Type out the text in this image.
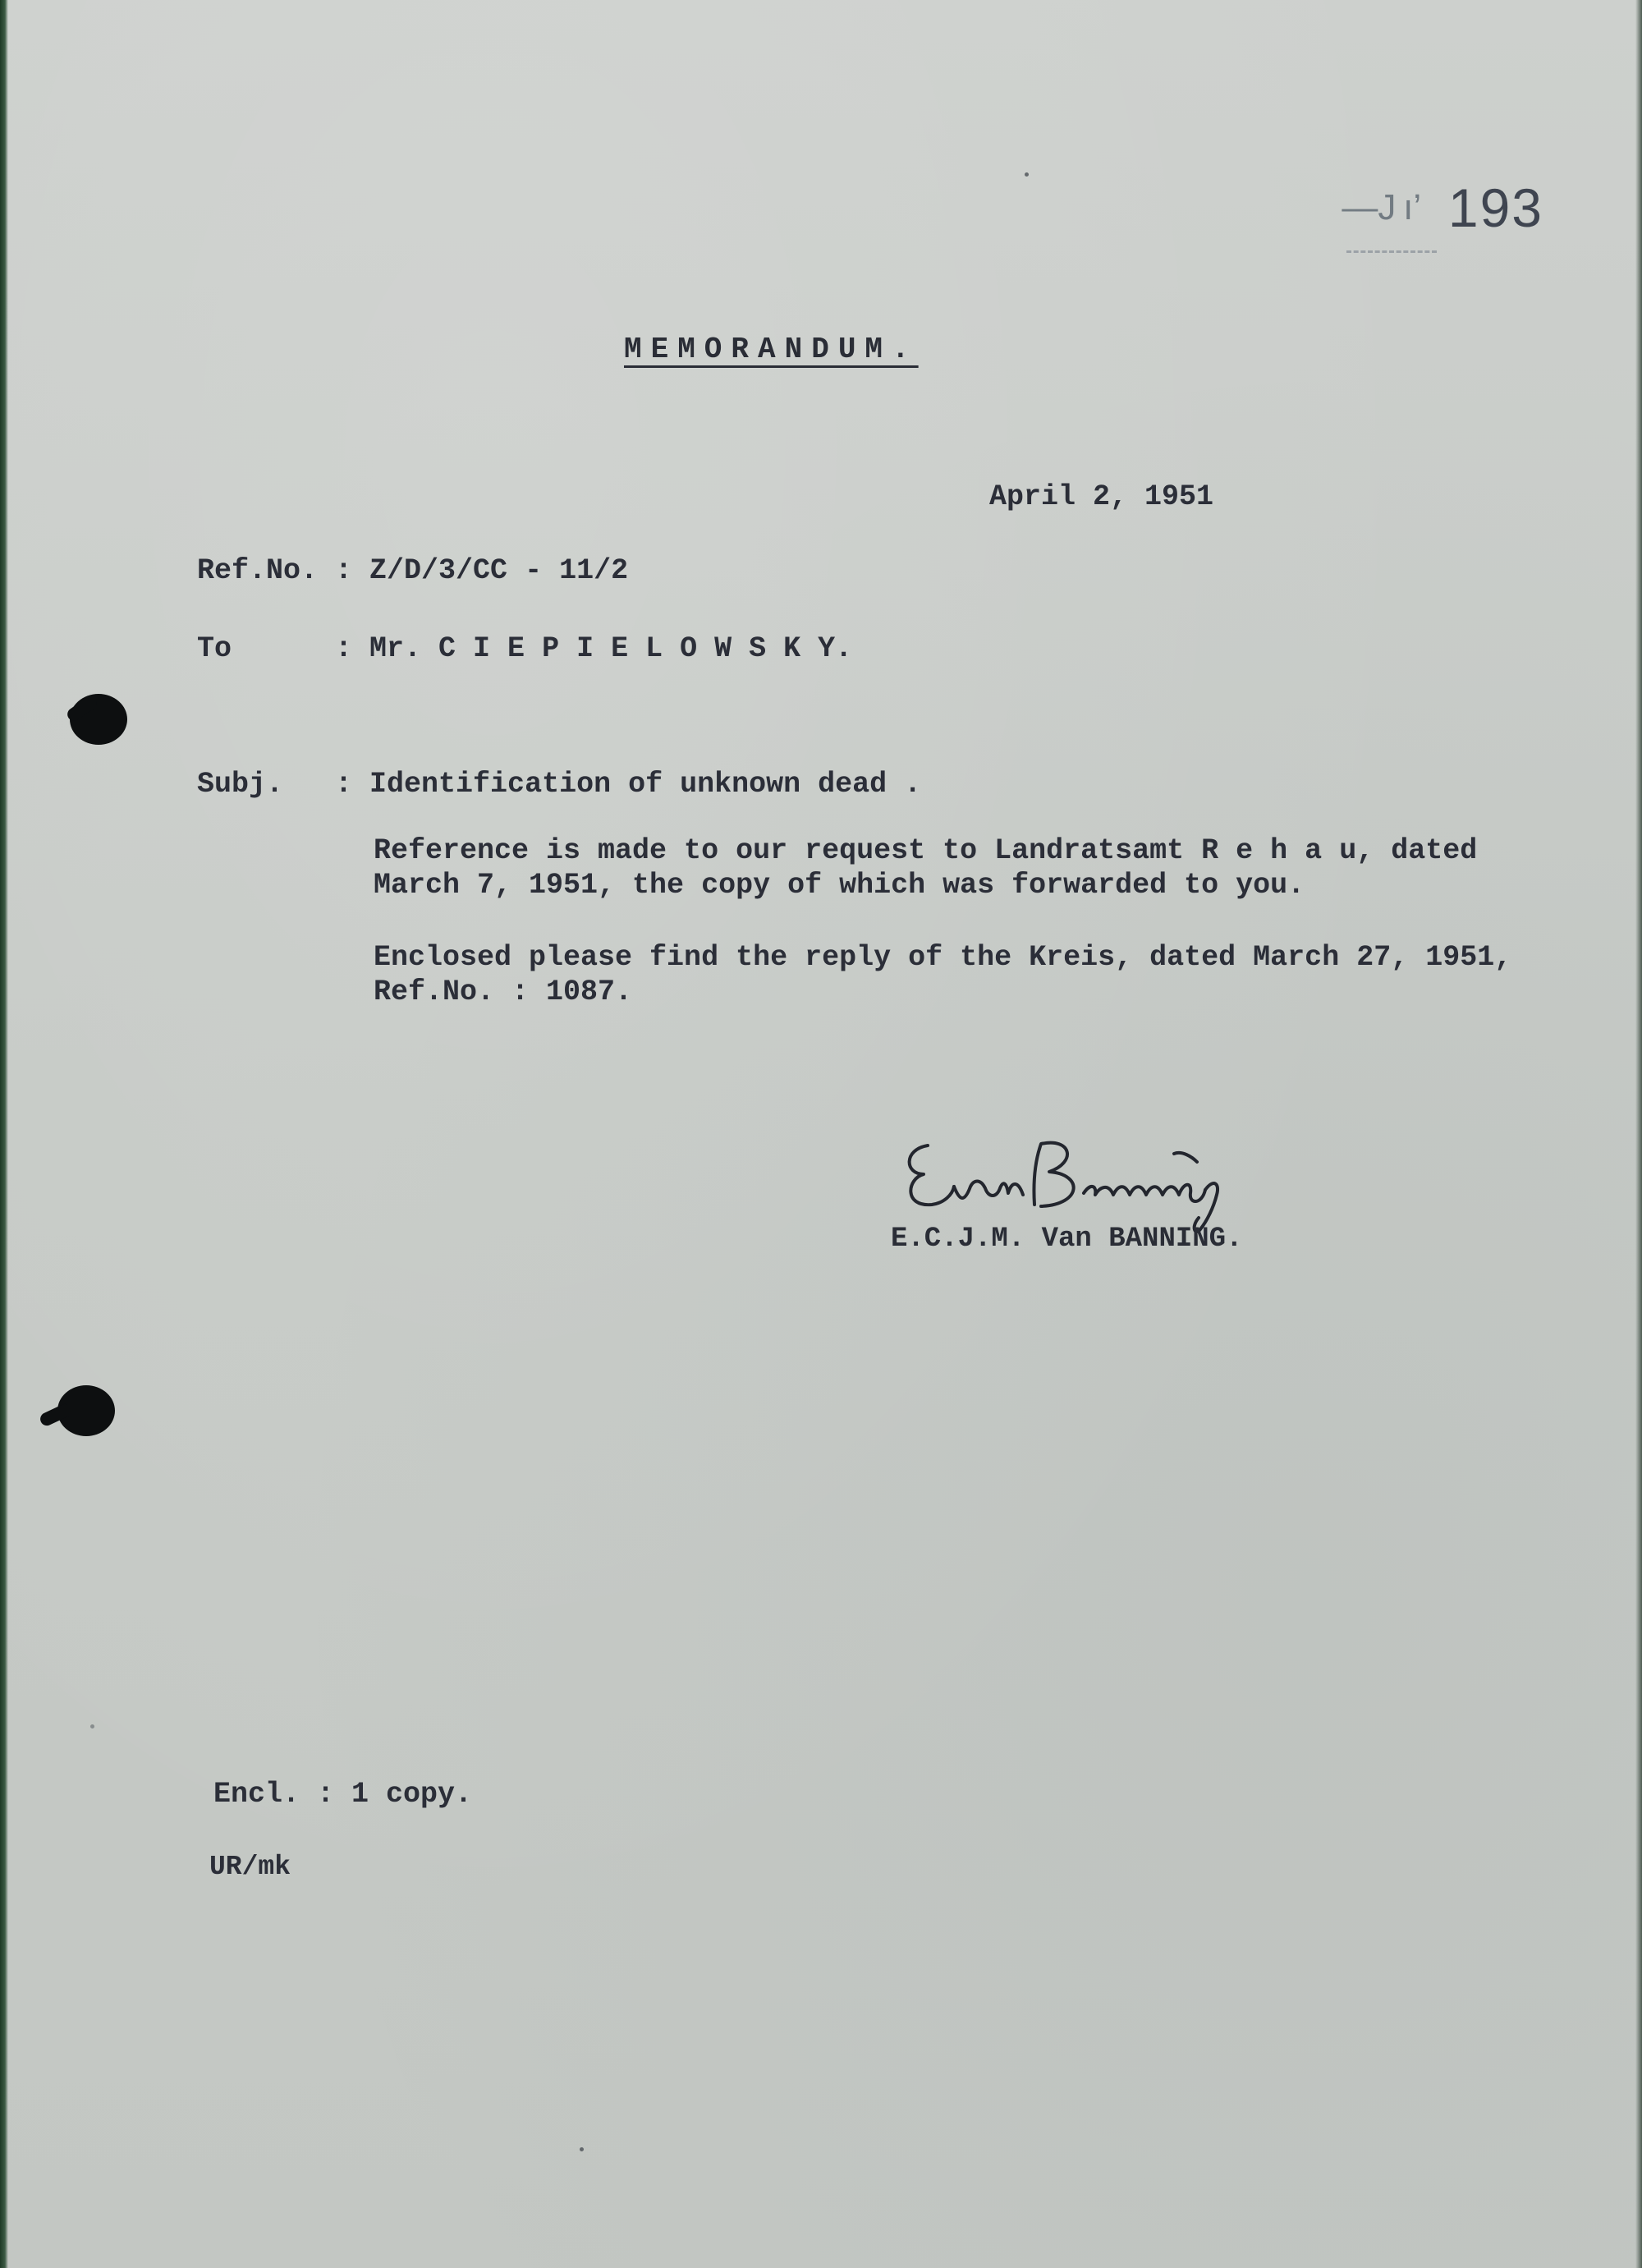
—J ı’  193
MEMORANDUM.
April 2, 1951
Ref.No. : Z/D/3/CC - 11/2
To      : Mr. C I E P I E L O W S K Y.
Subj.   : Identification of unknown dead .
Reference is made to our request to Landratsamt R e h a u, dated
March 7, 1951, the copy of which was forwarded to you.
Enclosed please find the reply of the Kreis, dated March 27, 1951,
Ref.No. : 1087.
E.C.J.M. Van BANNING.
Encl. : 1 copy.
UR/mk
